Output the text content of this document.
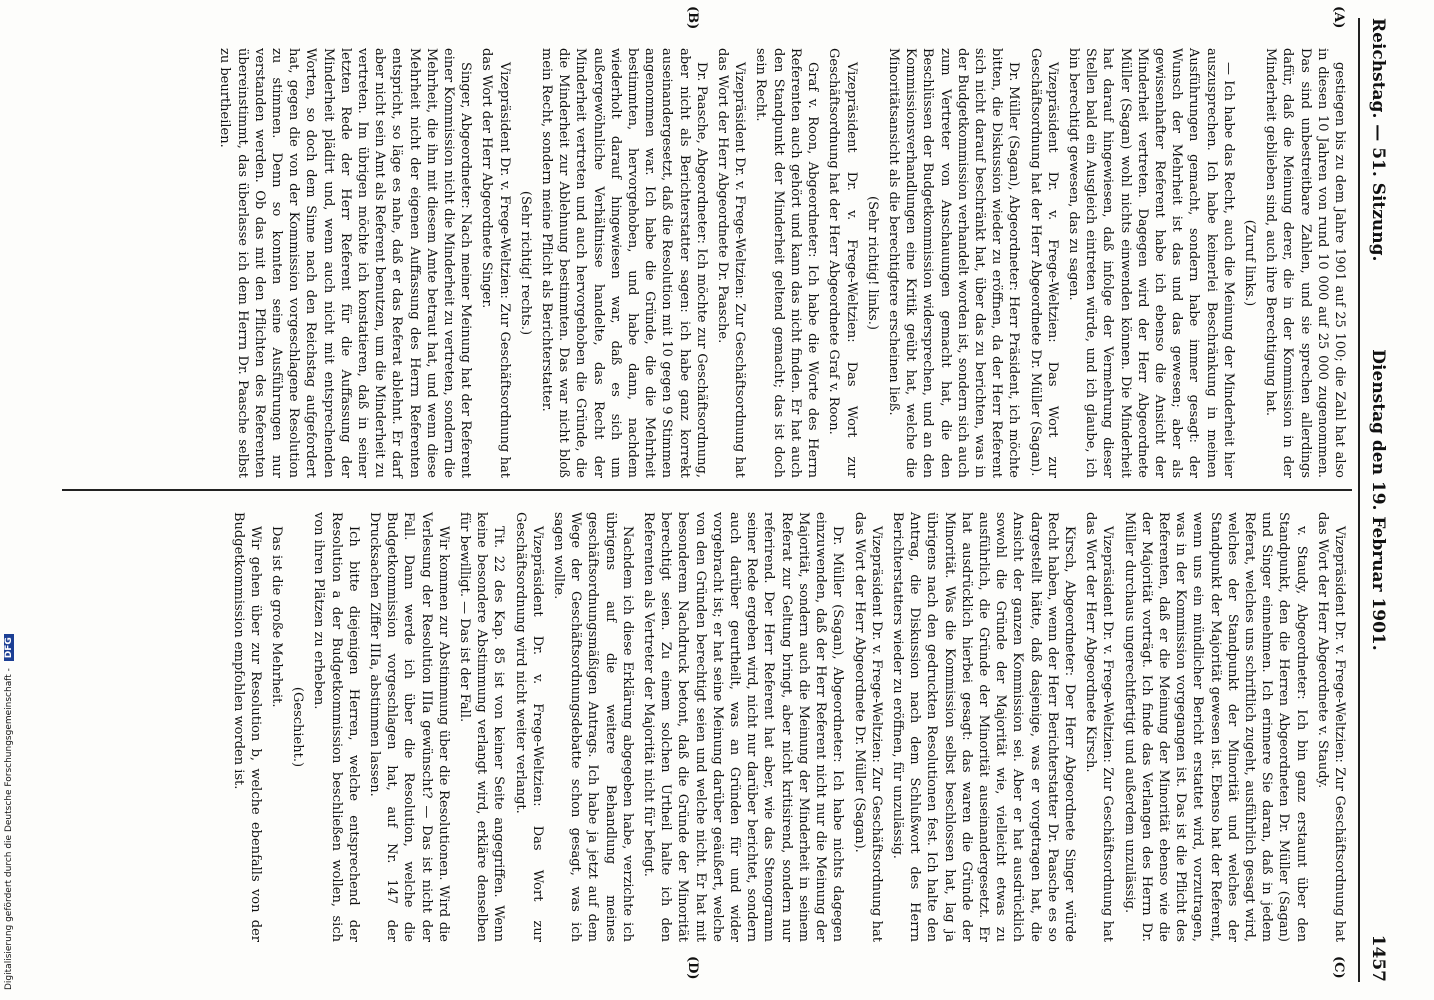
Reichstag. — 51. Sitzung.
Dienstag den 19. Februar 1901.
1457
(A)
(B)
(C)
(D)

gestiegen bis zu dem Jahre 1901 auf 25 100; die Zahl hat also in diesen 10 Jahren von rund 10 000 auf 25 000 zugenommen. Das sind unbestreitbare Zahlen, und sie sprechen allerdings dafür, daß die Meinung derer, die in der Kommission in der Minderheit geblieben sind, auch ihre Berechtigung hat.

(Zuruf links.)

— Ich habe das Recht, auch die Meinung der Minderheit hier auszusprechen. Ich habe keinerlei Beschränkung in meinen Ausführungen gemacht, sondern habe immer gesagt: der Wunsch der Mehrheit ist das und das gewesen; aber als gewissenhafter Referent habe ich ebenso die Ansicht der Minderheit vertreten. Dagegen wird der Herr Abgeordnete Müller (Sagan) wohl nichts einwenden können. Die Minderheit hat darauf hingewiesen, daß infolge der Vermehrung dieser Stellen bald ein Ausgleich eintreten würde, und ich glaube, ich bin berechtigt gewesen, das zu sagen.

Vizepräsident Dr. v. Frege-Weltzien: Das Wort zur Geschäftsordnung hat der Herr Abgeordnete Dr. Müller (Sagan).

Dr. Müller (Sagan), Abgeordneter: Herr Präsident, ich möchte bitten, die Diskussion wieder zu eröffnen, da der Herr Referent sich nicht darauf beschränkt hat, über das zu berichten, was in der Budgetkommission verhandelt worden ist, sondern sich auch zum Vertreter von Anschauungen gemacht hat, die den Beschlüssen der Budgetkommission widersprechen, und an den Kommissionsverhandlungen eine Kritik geübt hat, welche die Minoritätsansicht als die berechtigtere erscheinen ließ.

(Sehr richtig! links.)

Vizepräsident Dr. v. Frege-Weltzien: Das Wort zur Geschäftsordnung hat der Herr Abgeordnete Graf v. Roon.

Graf v. Roon, Abgeordneter: Ich habe die Worte des Herrn Referenten auch gehört und kann das nicht finden. Er hat auch den Standpunkt der Minderheit geltend gemacht; das ist doch sein Recht.

Vizepräsident Dr. v. Frege-Weltzien: Zur Geschäftsordnung hat das Wort der Herr Abgeordnete Dr. Paasche.

Dr. Paasche, Abgeordneter: Ich möchte zur Geschäftsordnung, aber nicht als Berichterstatter sagen: ich habe ganz korrekt auseinandergesetzt, daß die Resolution mit 10 gegen 9 Stimmen angenommen war. Ich habe die Gründe, die die Mehrheit bestimmten, hervorgehoben, und habe dann, nachdem wiederholt darauf hingewiesen war, daß es sich um außergewöhnliche Verhältnisse handelte, das Recht der Minderheit vertreten und auch hervorgehoben die Gründe, die die Minderheit zur Ablehnung bestimmten. Das war nicht bloß mein Recht, sondern meine Pflicht als Berichterstatter.

(Sehr richtig! rechts.)

Vizepräsident Dr. v. Frege-Weltzien: Zur Geschäftsordnung hat das Wort der Herr Abgeordnete Singer.

Singer, Abgeordneter: Nach meiner Meinung hat der Referent einer Kommission nicht die Minderheit zu vertreten, sondern die Mehrheit, die ihn mit diesem Amte betraut hat, und wenn diese Mehrheit nicht der eigenen Auffassung des Herrn Referenten entspricht, so läge es nahe, daß er das Referat ablehnt. Er darf aber nicht sein Amt als Referent benutzen, um die Minderheit zu vertreten. Im übrigen möchte ich konstatieren, daß in seiner letzten Rede der Herr Referent für die Auffassung der Minderheit plädirt und, wenn auch nicht mit entsprechenden Worten, so doch dem Sinne nach den Reichstag aufgefordert hat, gegen die von der Kommission vorgeschlagene Resolution zu stimmen. Denn so konnten seine Ausführungen nur verstanden werden. Ob das mit den Pflichten des Referenten übereinstimmt, das überlasse ich dem Herrn Dr. Paasche selbst zu beurtheilen.

Vizepräsident Dr. v. Frege-Weltzien: Zur Geschäftsordnung hat das Wort der Herr Abgeordnete v. Staudy.

v. Staudy, Abgeordneter: Ich bin ganz erstaunt über den Standpunkt, den die Herren Abgeordneten Dr. Müller (Sagan) und Singer einnehmen. Ich erinnere Sie daran, daß in jedem Referat, welches uns schriftlich zugeht, ausführlich gesagt wird, welches der Standpunkt der Minorität und welches der Standpunkt der Majorität gewesen ist. Ebenso hat der Referent, wenn uns ein mündlicher Bericht erstattet wird, vorzutragen, was in der Kommission vorgegangen ist. Das ist die Pflicht des Referenten, daß er die Meinung der Minorität ebenso wie die der Majorität vorträgt. Ich finde das Verlangen des Herrn Dr. Müller durchaus ungerechtfertigt und außerdem unzulässig.

Vizepräsident Dr. v. Frege-Weltzien: Zur Geschäftsordnung hat das Wort der Herr Abgeordnete Kirsch.

Kirsch, Abgeordneter: Der Herr Abgeordnete Singer würde Recht haben, wenn der Herr Berichterstatter Dr. Paasche es so dargestellt hätte, daß dasjenige, was er vorgetragen hat, die Ansicht der ganzen Kommission sei. Aber er hat ausdrücklich sowohl die Gründe der Majorität wie, vielleicht etwas zu ausführlich, die Gründe der Minorität auseinandergesetzt. Er hat ausdrücklich hierbei gesagt: das waren die Gründe der Minorität. Was die Kommission selbst beschlossen hat, lag ja übrigens nach den gedruckten Resolutionen fest. Ich halte den Antrag, die Diskussion nach dem Schlußwort des Herrn Berichterstatters wieder zu eröffnen, für unzulässig.

Vizepräsident Dr. v. Frege-Weltzien: Zur Geschäftsordnung hat das Wort der Herr Abgeordnete Dr. Müller (Sagan).

Dr. Müller (Sagan), Abgeordneter: Ich habe nichts dagegen einzuwenden, daß der Herr Referent nicht nur die Meinung der Majorität, sondern auch die Meinung der Minderheit in seinem Referat zur Geltung bringt, aber nicht kritisirend, sondern nur referirend. Der Herr Referent hat aber, wie das Stenogramm seiner Rede ergeben wird, nicht nur darüber berichtet, sondern auch darüber geurtheilt, was an Gründen für und wider vorgebracht ist; er hat seine Meinung darüber geäußert, welche von den Gründen berechtigt seien und welche nicht. Er hat mit besonderem Nachdruck betont, daß die Gründe der Minorität berechtigt seien. Zu einem solchen Urtheil halte ich den Referenten als Vertreter der Majorität nicht für befugt.

Nachdem ich diese Erklärung abgegeben habe, verzichte ich übrigens auf die weitere Behandlung meines geschäftsordnungsmäßigen Antrags. Ich habe ja jetzt auf dem Wege der Geschäftsordnungsdebatte schon gesagt, was ich sagen wollte.

Vizepräsident Dr. v. Frege-Weltzien: Das Wort zur Geschäftsordnung wird nicht weiter verlangt.

Tit. 22 des Kap. 85 ist von keiner Seite angegriffen. Wenn keine besondere Abstimmung verlangt wird, erkläre denselben für bewilligt. — Das ist der Fall.

Wir kommen zur Abstimmung über die Resolutionen. Wird die Verlesung der Resolution IIIa gewünscht? — Das ist nicht der Fall. Dann werde ich über die Resolution, welche die Budgetkommission vorgeschlagen hat, auf Nr. 147 der Drucksachen Ziffer IIIa, abstimmen lassen.

Ich bitte diejenigen Herren, welche entsprechend der Resolution a der Budgetkommission beschließen wollen, sich von ihren Plätzen zu erheben.

(Geschieht.)

Das ist die große Mehrheit.

Wir gehen über zur Resolution b, welche ebenfalls von der Budgetkommission empfohlen worden ist.

Digitalisierung gefördert durch die Deutsche Forschungsgemeinschaft - DFG
